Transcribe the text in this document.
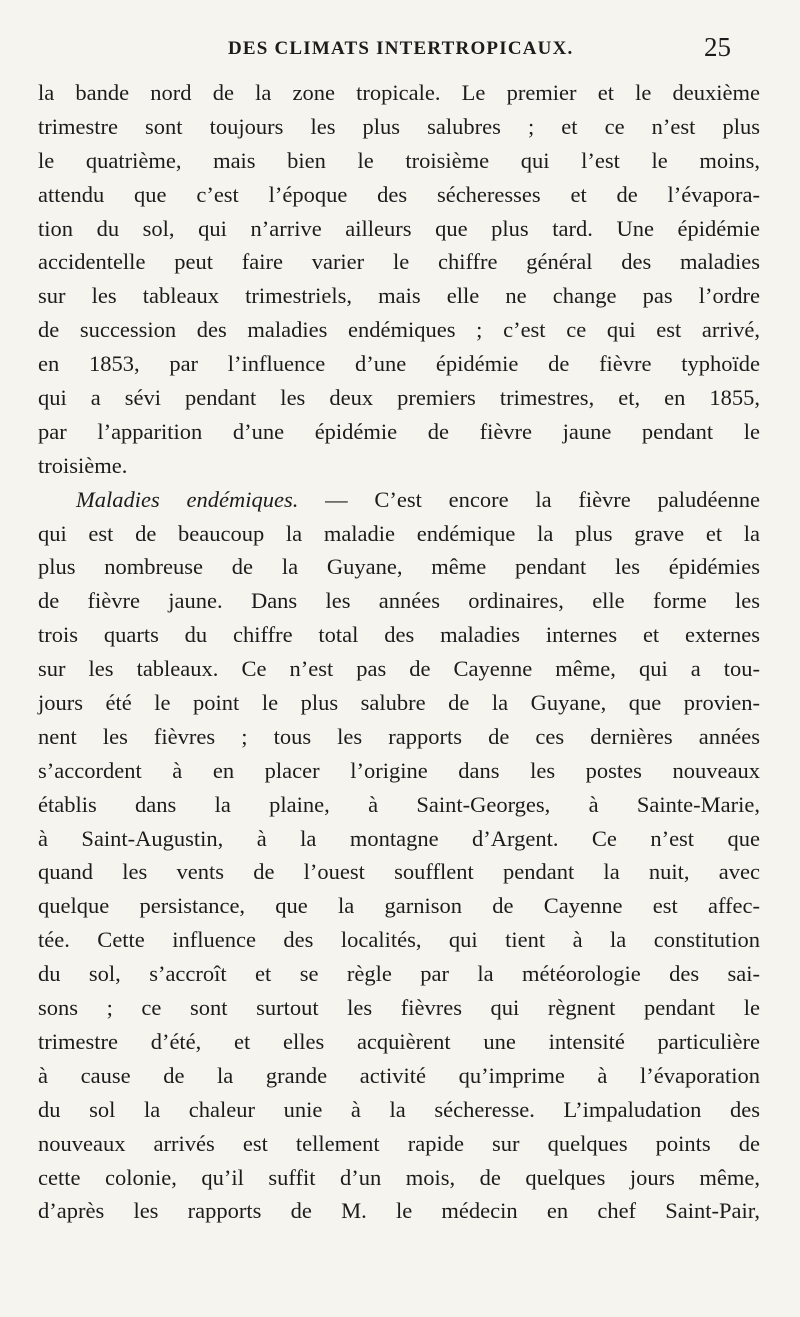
DES CLIMATS INTERTROPICAUX.	25
la bande nord de la zone tropicale. Le premier et le deuxième
trimestre sont toujours les plus salubres ; et ce n’est plus
le quatrième, mais bien le troisième qui l’est le moins,
attendu que c’est l’époque des sécheresses et de l’évapora-
tion du sol, qui n’arrive ailleurs que plus tard. Une épidémie
accidentelle peut faire varier le chiffre général des maladies
sur les tableaux trimestriels, mais elle ne change pas l’ordre
de succession des maladies endémiques ; c’est ce qui est arrivé,
en 1853, par l’influence d’une épidémie de fièvre typhoïde
qui a sévi pendant les deux premiers trimestres, et, en 1855,
par l’apparition d’une épidémie de fièvre jaune pendant le
troisième.
Maladies endémiques. — C’est encore la fièvre paludéenne
qui est de beaucoup la maladie endémique la plus grave et la
plus nombreuse de la Guyane, même pendant les épidémies
de fièvre jaune. Dans les années ordinaires, elle forme les
trois quarts du chiffre total des maladies internes et externes
sur les tableaux. Ce n’est pas de Cayenne même, qui a tou-
jours été le point le plus salubre de la Guyane, que provien-
nent les fièvres ; tous les rapports de ces dernières années
s’accordent à en placer l’origine dans les postes nouveaux
établis dans la plaine, à Saint-Georges, à Sainte-Marie,
à Saint-Augustin, à la montagne d’Argent. Ce n’est que
quand les vents de l’ouest soufflent pendant la nuit, avec
quelque persistance, que la garnison de Cayenne est affec-
tée. Cette influence des localités, qui tient à la constitution
du sol, s’accroît et se règle par la météorologie des sai-
sons ; ce sont surtout les fièvres qui règnent pendant le
trimestre d’été, et elles acquièrent une intensité particulière
à cause de la grande activité qu’imprime à l’évaporation
du sol la chaleur unie à la sécheresse. L’impaludation des
nouveaux arrivés est tellement rapide sur quelques points de
cette colonie, qu’il suffit d’un mois, de quelques jours même,
d’après les rapports de M. le médecin en chef Saint-Pair,
